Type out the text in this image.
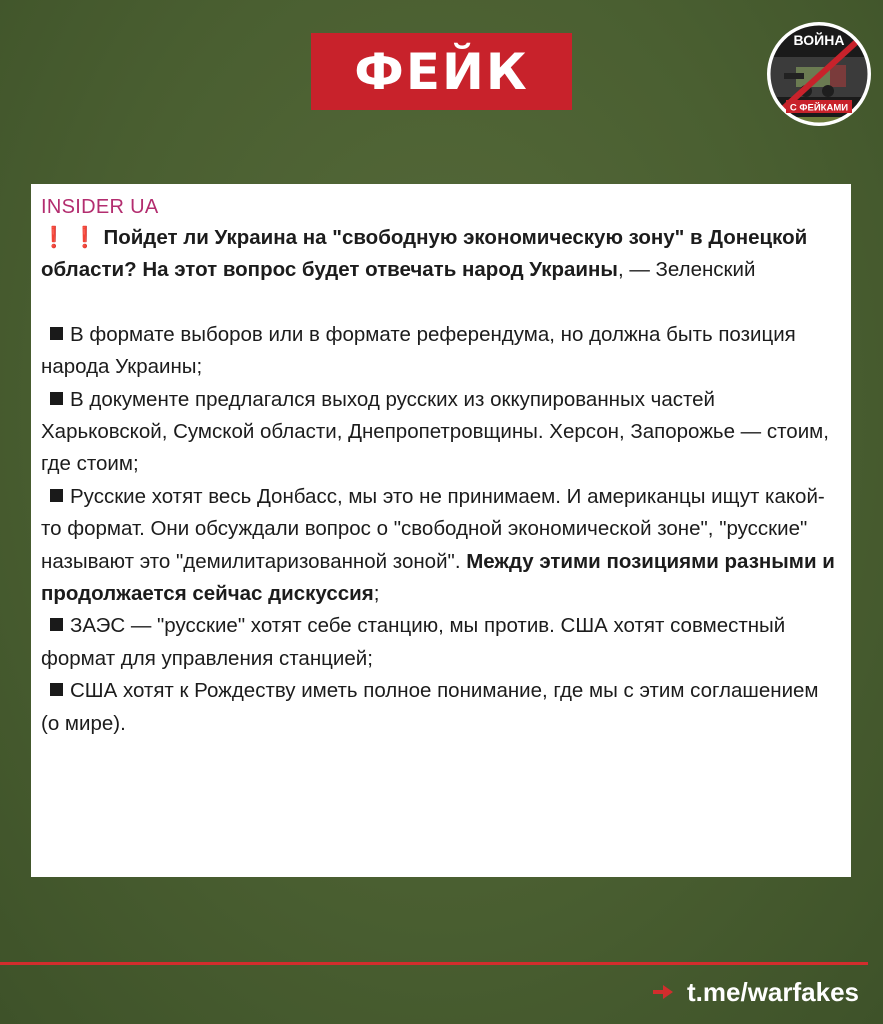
ФЕЙК
ВОЙНА
С ФЕЙКАМИ
INSIDER UA
❗ ❗ Пойдет ли Украина на "свободную экономическую зону" в Донецкой области? На этот вопрос будет отвечать народ Украины, — Зеленский
В формате выборов или в формате референдума, но должна быть позиция народа Украины;
В документе предлагался выход русских из оккупированных частей Харьковской, Сумской области, Днепропетровщины. Херсон, Запорожье — стоим, где стоим;
Русские хотят весь Донбасс, мы это не принимаем. И американцы ищут какой-то формат. Они обсуждали вопрос о "свободной экономической зоне", "русские" называют это "демилитаризованной зоной". Между этими позициями разными и продолжается сейчас дискуссия;
ЗАЭС — "русские" хотят себе станцию, мы против. США хотят совместный формат для управления станцией;
США хотят к Рождеству иметь полное понимание, где мы с этим соглашением (о мире).
t.me/warfakes
